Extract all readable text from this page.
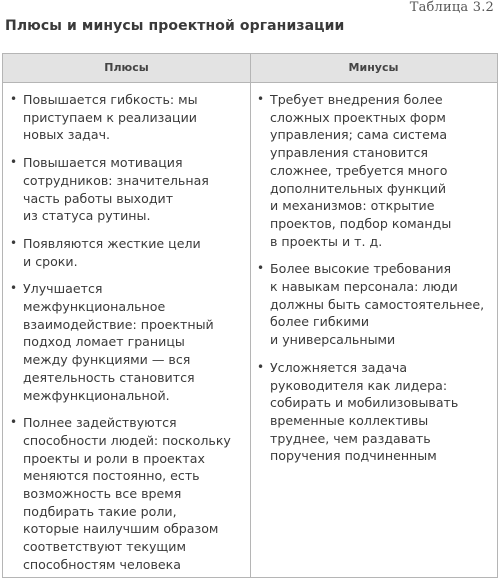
Таблица 3.2
Плюсы и минусы проектной организации
Плюсы	Минусы
• Повышается гибкость: мы
приступаем к реализации
новых задач.
• Повышается мотивация
сотрудников: значительная
часть работы выходит
из статуса рутины.
• Появляются жесткие цели
и сроки.
• Улучшается
межфункциональное
взаимодействие: проектный
подход ломает границы
между функциями — вся
деятельность становится
межфункциональной.
• Полнее задействуются
способности людей: поскольку
проекты и роли в проектах
меняются постоянно, есть
возможность все время
подбирать такие роли,
которые наилучшим образом
соответствуют текущим
способностям человека
• Требует внедрения более
сложных проектных форм
управления; сама система
управления становится
сложнее, требуется много
дополнительных функций
и механизмов: открытие
проектов, подбор команды
в проекты и т. д.
• Более высокие требования
к навыкам персонала: люди
должны быть самостоятельнее,
более гибкими
и универсальными
• Усложняется задача
руководителя как лидера:
собирать и мобилизовывать
временные коллективы
труднее, чем раздавать
поручения подчиненным
